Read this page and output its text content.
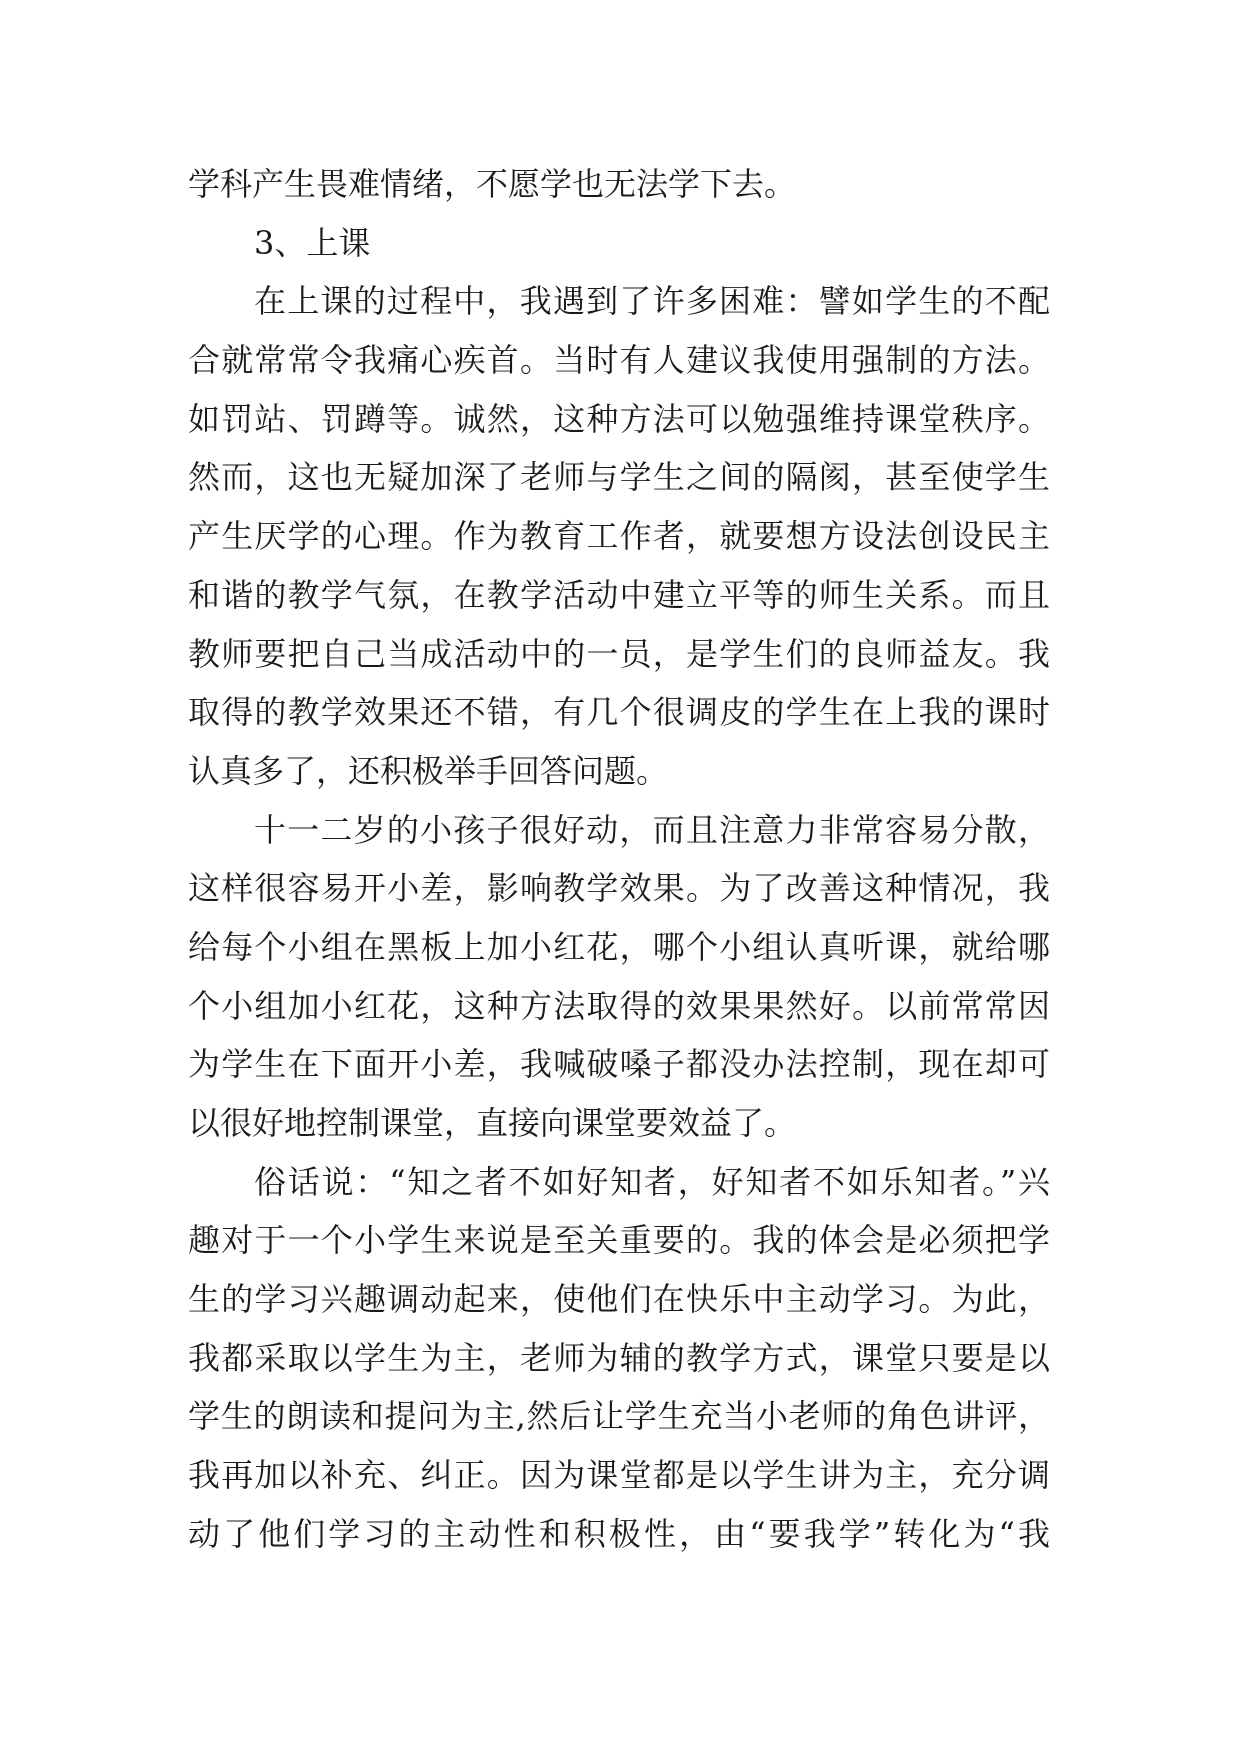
学科产生畏难情绪，不愿学也无法学下去。
3、上课
在上课的过程中，我遇到了许多困难：譬如学生的不配
合就常常令我痛心疾首。当时有人建议我使用强制的方法。
如罚站、罚蹲等。诚然，这种方法可以勉强维持课堂秩序。
然而，这也无疑加深了老师与学生之间的隔阂，甚至使学生
产生厌学的心理。作为教育工作者，就要想方设法创设民主
和谐的教学气氛，在教学活动中建立平等的师生关系。而且
教师要把自己当成活动中的一员，是学生们的良师益友。我
取得的教学效果还不错，有几个很调皮的学生在上我的课时
认真多了，还积极举手回答问题。
十一二岁的小孩子很好动，而且注意力非常容易分散，
这样很容易开小差，影响教学效果。为了改善这种情况，我
给每个小组在黑板上加小红花，哪个小组认真听课，就给哪
个小组加小红花，这种方法取得的效果果然好。以前常常因
为学生在下面开小差，我喊破嗓子都没办法控制，现在却可
以很好地控制课堂，直接向课堂要效益了。
俗话说：“知之者不如好知者，好知者不如乐知者。”兴
趣对于一个小学生来说是至关重要的。我的体会是必须把学
生的学习兴趣调动起来，使他们在快乐中主动学习。为此，
我都采取以学生为主，老师为辅的教学方式，课堂只要是以
学生的朗读和提问为主,然后让学生充当小老师的角色讲评，
我再加以补充、纠正。因为课堂都是以学生讲为主，充分调
动了他们学习的主动性和积极性，由“要我学”转化为“我
